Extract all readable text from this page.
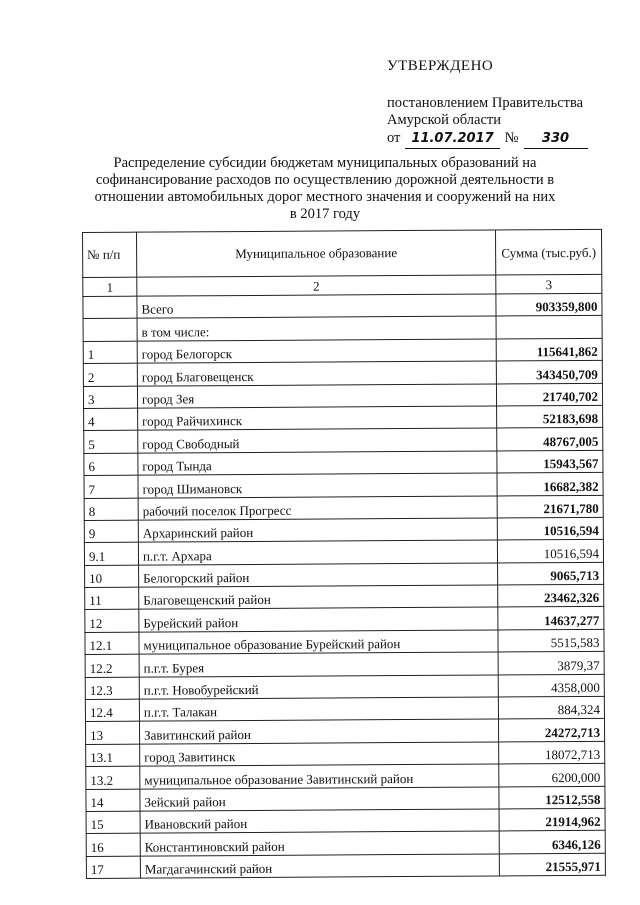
УТВЕРЖДЕНО
постановлением Правительства
Амурской области
от 11.07.2017 №	330
Распределение субсидии бюджетам муниципальных образований на софинансирование расходов по осуществлению дорожной деятельности в отношении автомобильных дорог местного значения и сооружений на них в 2017 году
№ п/п	Муниципальное образование	Сумма (тыс.руб.)
1	2	3
	Всего	903359,800
	в том числе:	
1	город Белогорск	115641,862
2	город Благовещенск	343450,709
3	город Зея	21740,702
4	город Райчихинск	52183,698
5	город Свободный	48767,005
6	город Тында	15943,567
7	город Шимановск	16682,382
8	рабочий поселок Прогресс	21671,780
9	Архаринский район	10516,594
9.1	п.г.т. Архара	10516,594
10	Белогорский район	9065,713
11	Благовещенский район	23462,326
12	Бурейский район	14637,277
12.1	муниципальное образование Бурейский район	5515,583
12.2	п.г.т. Бурея	3879,37
12.3	п.г.т. Новобурейский	4358,000
12.4	п.г.т. Талакан	884,324
13	Завитинский район	24272,713
13.1	город Завитинск	18072,713
13.2	муниципальное образование Завитинский район	6200,000
14	Зейский район	12512,558
15	Ивановский район	21914,962
16	Константиновский район	6346,126
17	Магдагачинский район	21555,971
